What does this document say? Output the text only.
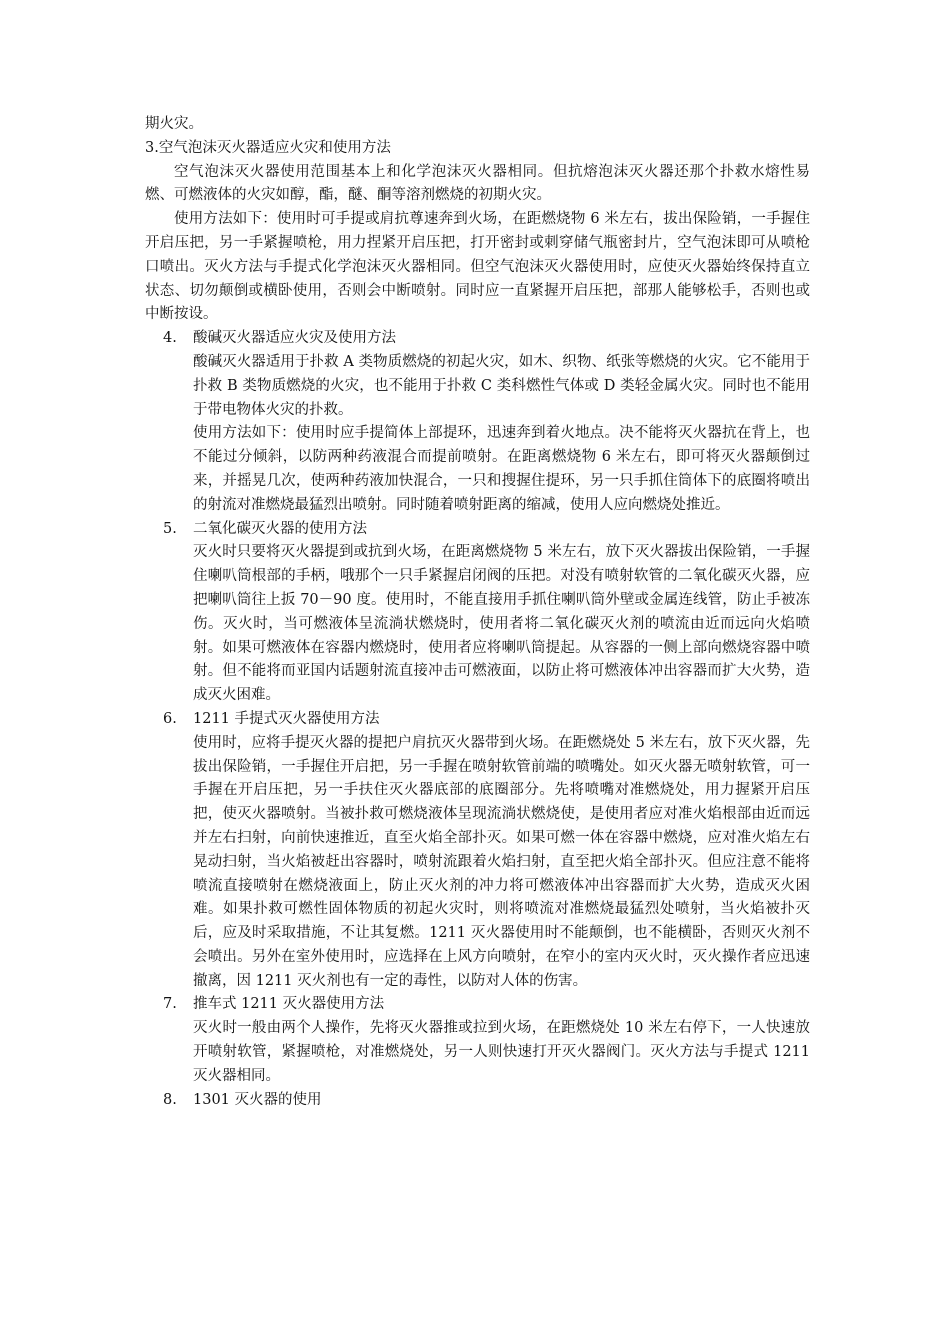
期火灾。

3.空气泡沫灭火器适应火灾和使用方法

空气泡沫灭火器使用范围基本上和化学泡沫灭火器相同。但抗熔泡沫灭火器还那个扑救水熔性易燃、可燃液体的火灾如醇，酯，醚、酮等溶剂燃烧的初期火灾。

使用方法如下：使用时可手提或肩抗尊速奔到火场，在距燃烧物 6 米左右，拔出保险销，一手握住开启压把，另一手紧握喷枪，用力捏紧开启压把，打开密封或刺穿储气瓶密封片，空气泡沫即可从喷枪口喷出。灭火方法与手提式化学泡沫灭火器相同。但空气泡沫灭火器使用时，应使灭火器始终保持直立状态、切勿颠倒或横卧使用，否则会中断喷射。同时应一直紧握开启压把，部那人能够松手，否则也或中断按设。

4. 酸碱灭火器适应火灾及使用方法

酸碱灭火器适用于扑救 A 类物质燃烧的初起火灾，如木、织物、纸张等燃烧的火灾。它不能用于扑救 B 类物质燃烧的火灾，也不能用于扑救 C 类科燃性气体或 D 类轻金属火灾。同时也不能用于带电物体火灾的扑救。

使用方法如下：使用时应手提简体上部提环，迅速奔到着火地点。决不能将灭火器抗在背上，也不能过分倾斜，以防两种药液混合而提前喷射。在距离燃烧物 6 米左右，即可将灭火器颠倒过来，并摇晃几次，使两种药液加快混合，一只和搜握住提环，另一只手抓住筒体下的底圈将喷出的射流对准燃烧最猛烈出喷射。同时随着喷射距离的缩减，使用人应向燃烧处推近。

5. 二氧化碳灭火器的使用方法

灭火时只要将灭火器提到或抗到火场，在距离燃烧物 5 米左右，放下灭火器拔出保险销，一手握住喇叭筒根部的手柄，哦那个一只手紧握启闭阀的压把。对没有喷射软管的二氧化碳灭火器，应把喇叭筒往上扳 70－90 度。使用时，不能直接用手抓住喇叭筒外壁或金属连线管，防止手被冻伤。灭火时，当可燃液体呈流淌状燃烧时，使用者将二氧化碳灭火剂的喷流由近而远向火焰喷射。如果可燃液体在容器内燃烧时，使用者应将喇叭筒提起。从容器的一侧上部向燃烧容器中喷射。但不能将而亚国内话题射流直接冲击可燃液面，以防止将可燃液体冲出容器而扩大火势，造成灭火困难。

6. 1211 手提式灭火器使用方法

使用时，应将手提灭火器的提把户肩抗灭火器带到火场。在距燃烧处 5 米左右，放下灭火器，先拔出保险销，一手握住开启把，另一手握在喷射软管前端的喷嘴处。如灭火器无喷射软管，可一手握在开启压把，另一手扶住灭火器底部的底圈部分。先将喷嘴对准燃烧处，用力握紧开启压把，使灭火器喷射。当被扑救可燃烧液体呈现流淌状燃烧使，是使用者应对准火焰根部由近而远并左右扫射，向前快速推近，直至火焰全部扑灭。如果可燃一体在容器中燃烧，应对准火焰左右晃动扫射，当火焰被赶出容器时，喷射流跟着火焰扫射，直至把火焰全部扑灭。但应注意不能将喷流直接喷射在燃烧液面上，防止灭火剂的冲力将可燃液体冲出容器而扩大火势，造成灭火困难。如果扑救可燃性固体物质的初起火灾时，则将喷流对准燃烧最猛烈处喷射，当火焰被扑灭后，应及时采取措施，不让其复燃。1211 灭火器使用时不能颠倒，也不能横卧，否则灭火剂不会喷出。另外在室外使用时，应选择在上风方向喷射，在窄小的室内灭火时，灭火操作者应迅速撤离，因 1211 灭火剂也有一定的毒性，以防对人体的伤害。

7. 推车式 1211 灭火器使用方法

灭火时一般由两个人操作，先将灭火器推或拉到火场，在距燃烧处 10 米左右停下，一人快速放开喷射软管，紧握喷枪，对准燃烧处，另一人则快速打开灭火器阀门。灭火方法与手提式 1211 灭火器相同。

8. 1301 灭火器的使用
